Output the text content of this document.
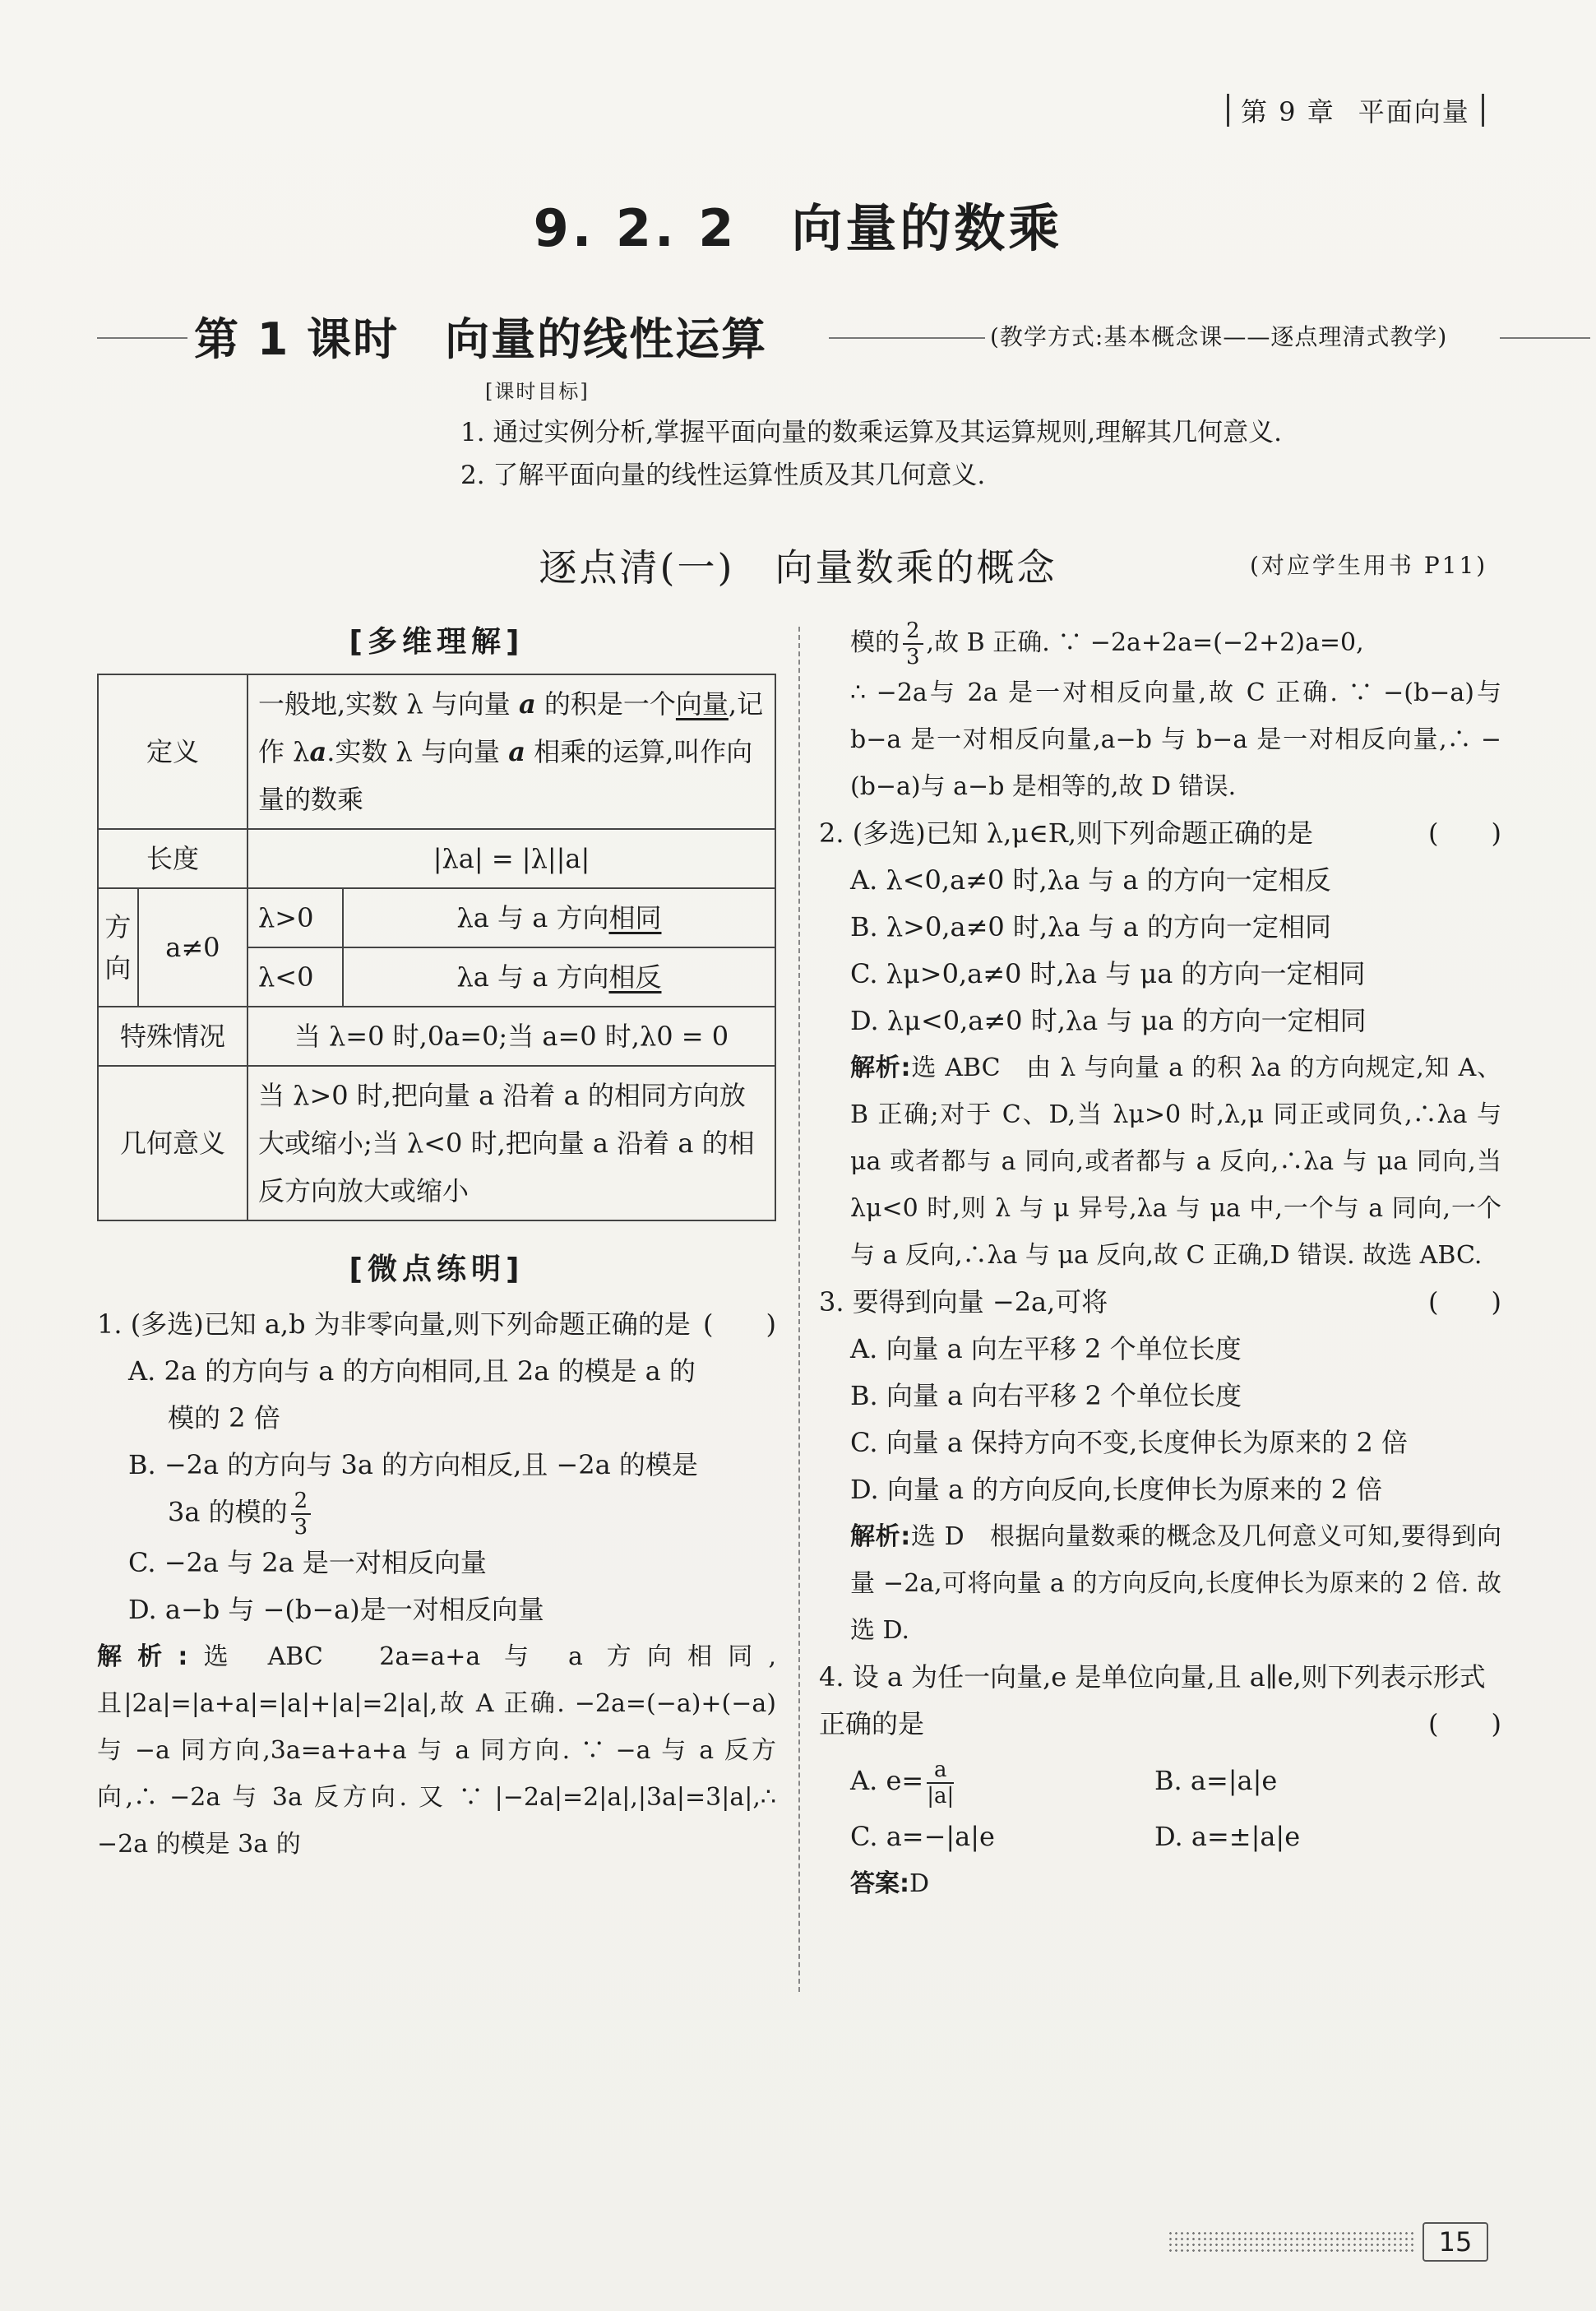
第 9 章 平面向量
9. 2. 2　向量的数乘
第 1 课时　向量的线性运算	(教学方式:基本概念课——逐点理清式教学)
[课时目标]
1. 通过实例分析,掌握平面向量的数乘运算及其运算规则,理解其几何意义.
2. 了解平面向量的线性运算性质及其几何意义.
逐点清(一)　向量数乘的概念	(对应学生用书 P11)
[多维理解]
定义		一般地,实数 λ 与向量 a 的积是一个向量,记作 λa.实数 λ 与向量 a 相乘的运算,叫作向量的数乘	
长度		|λa| = |λ||a|	
方向	a≠0	λ>0	λa 与 a 方向相同
		λ<0	λa 与 a 方向相反
特殊情况		当 λ=0 时,0a=0;当 a=0 时,λ0 = 0	
几何意义		当 λ>0 时,把向量 a 沿着 a 的相同方向放大或缩小;当 λ<0 时,把向量 a 沿着 a 的相反方向放大或缩小	
[微点练明]

1. (多选)已知 a,b 为非零向量,则下列命题正确的是 (　　)

A. 2a 的方向与 a 的方向相同,且 2a 的模是 a 的

模的 2 倍

B. −2a 的方向与 3a 的方向相反,且 −2a 的模是

3a 的模的 $\frac{2}{3}$

C. −2a 与 2a 是一对相反向量

D. a−b 与 −(b−a)是一对相反向量

解析:选 ABC　2a=a+a 与 a 方向相同,且|2a|=|a+a|=|a|+|a|=2|a|,故 A 正确. −2a=(−a)+(−a)与 −a 同方向,3a=a+a+a 与 a 同方向. ∵ −a 与 a 反方向,∴ −2a 与 3a 反方向. 又 ∵ |−2a|=2|a|,|3a|=3|a|,∴ −2a 的模是 3a 的
模的 $\frac{2}{3}$ ,故 B 正确. ∵ −2a+2a=(−2+2)a=0,
∴ −2a与 2a 是一对相反向量,故 C 正确. ∵ −(b−a)与 b−a 是一对相反向量,a−b 与 b−a 是一对相反向量,∴ −(b−a)与 a−b 是相等的,故 D 错误.

2. (多选)已知 λ,μ∈R,则下列命题正确的是	(　　)

A. λ<0,a≠0 时,λa 与 a 的方向一定相反

B. λ>0,a≠0 时,λa 与 a 的方向一定相同

C. λμ>0,a≠0 时,λa 与 μa 的方向一定相同

D. λμ<0,a≠0 时,λa 与 μa 的方向一定相同

解析:选 ABC　由 λ 与向量 a 的积 λa 的方向规定,知 A、B 正确;对于 C、D,当 λμ>0 时,λ,μ 同正或同负,∴λa 与 μa 或者都与 a 同向,或者都与 a 反向,∴λa 与 μa 同向,当 λμ<0 时,则 λ 与 μ 异号,λa 与 μa 中,一个与 a 同向,一个与 a 反向,∴λa 与 μa 反向,故 C 正确,D 错误. 故选 ABC.

3. 要得到向量 −2a,可将	(　　)

A. 向量 a 向左平移 2 个单位长度

B. 向量 a 向右平移 2 个单位长度

C. 向量 a 保持方向不变,长度伸长为原来的 2 倍

D. 向量 a 的方向反向,长度伸长为原来的 2 倍

解析:选 D　根据向量数乘的概念及几何意义可知,要得到向量 −2a,可将向量 a 的方向反向,长度伸长为原来的 2 倍. 故选 D.

4. 设 a 为任一向量,e 是单位向量,且 a∥e,则下列表示形式正确的是	(　　)

A. $e= \frac{a}{|a|}$	B. a=|a|e
C. a=−|a|e	D. a=±|a|e
答案:D
15
